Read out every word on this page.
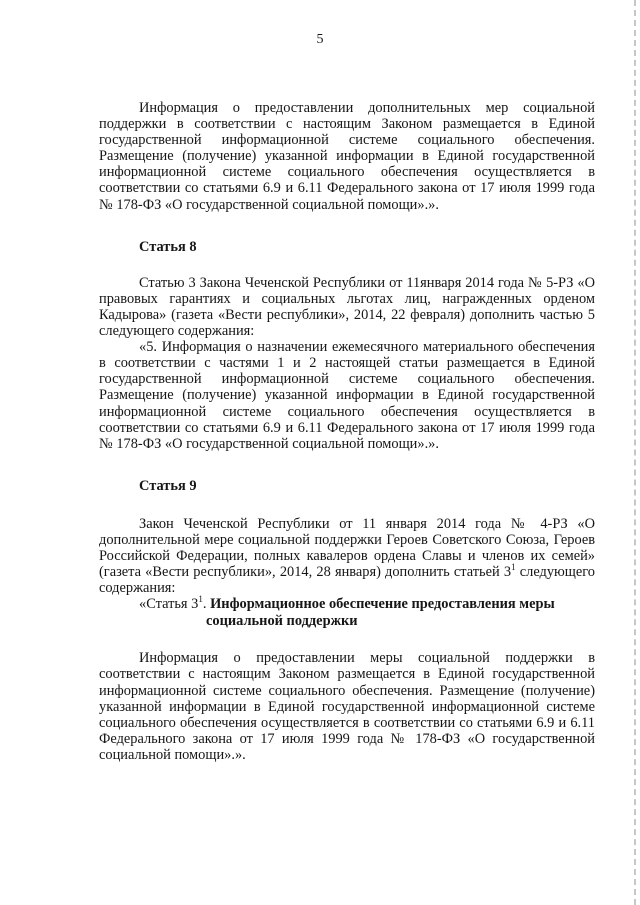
5

Информация о предоставлении дополнительных мер социальной поддержки в соответствии с настоящим Законом размещается в Единой государственной информационной системе социального обеспечения. Размещение (получение) указанной информации в Единой государственной информационной системе социального обеспечения осуществляется в соответствии со статьями 6.9 и 6.11 Федерального закона от 17 июля 1999 года № 178-ФЗ «О государственной социальной помощи».».

Статья 8

Статью 3 Закона Чеченской Республики от 11января 2014 года № 5-РЗ «О правовых гарантиях и социальных льготах лиц, награжденных орденом Кадырова» (газета «Вести республики», 2014, 22 февраля) дополнить частью 5 следующего содержания:

«5. Информация о назначении ежемесячного материального обеспечения в соответствии с частями 1 и 2 настоящей статьи размещается в Единой государственной информационной системе социального обеспечения. Размещение (получение) указанной информации в Единой государственной информационной системе социального обеспечения осуществляется в соответствии со статьями 6.9 и 6.11 Федерального закона от 17 июля 1999 года № 178-ФЗ «О государственной социальной помощи».».

Статья 9

Закон Чеченской Республики от 11 января 2014 года № 4-РЗ «О дополнительной мере социальной поддержки Героев Советского Союза, Героев Российской Федерации, полных кавалеров ордена Славы и членов их семей» (газета «Вести республики», 2014, 28 января) дополнить статьей $3^1$ следующего содержания:

«Статья $3^1$. Информационное обеспечение предоставления меры
социальной поддержки

Информация о предоставлении меры социальной поддержки в соответствии с настоящим Законом размещается в Единой государственной информационной системе социального обеспечения. Размещение (получение) указанной информации в Единой государственной информационной системе социального обеспечения осуществляется в соответствии со статьями 6.9 и 6.11 Федерального закона от 17 июля 1999 года № 178-ФЗ «О государственной социальной помощи».».
